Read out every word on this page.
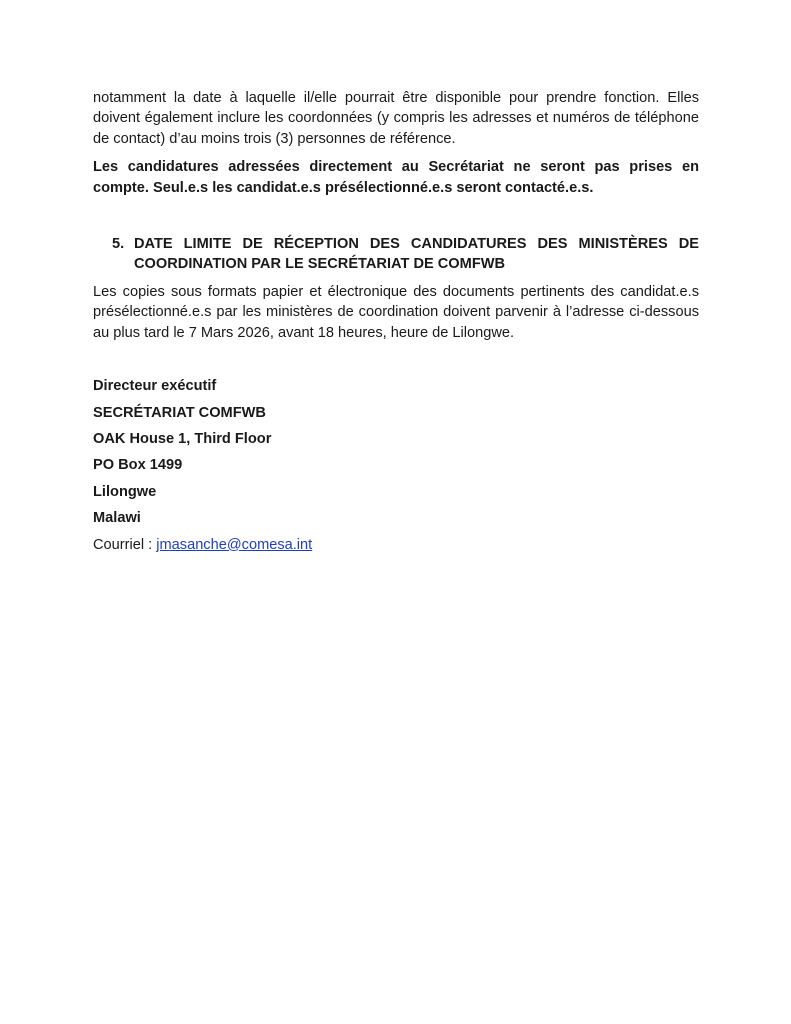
notamment la date à laquelle il/elle pourrait être disponible pour prendre fonction. Elles doivent également inclure les coordonnées (y compris les adresses et numéros de téléphone de contact) d’au moins trois (3) personnes de référence.

Les candidatures adressées directement au Secrétariat ne seront pas prises en compte. Seul.e.s les candidat.e.s présélectionné.e.s seront contacté.e.s.

5. DATE LIMITE DE RÉCEPTION DES CANDIDATURES DES MINISTÈRES DE COORDINATION PAR LE SECRÉTARIAT DE COMFWB

Les copies sous formats papier et électronique des documents pertinents des candidat.e.s présélectionné.e.s par les ministères de coordination doivent parvenir à l’adresse ci-dessous au plus tard le 7 Mars 2026, avant 18 heures, heure de Lilongwe.

Directeur exécutif
SECRÉTARIAT COMFWB
OAK House 1, Third Floor
PO Box 1499
Lilongwe
Malawi
Courriel : jmasanche@comesa.int
